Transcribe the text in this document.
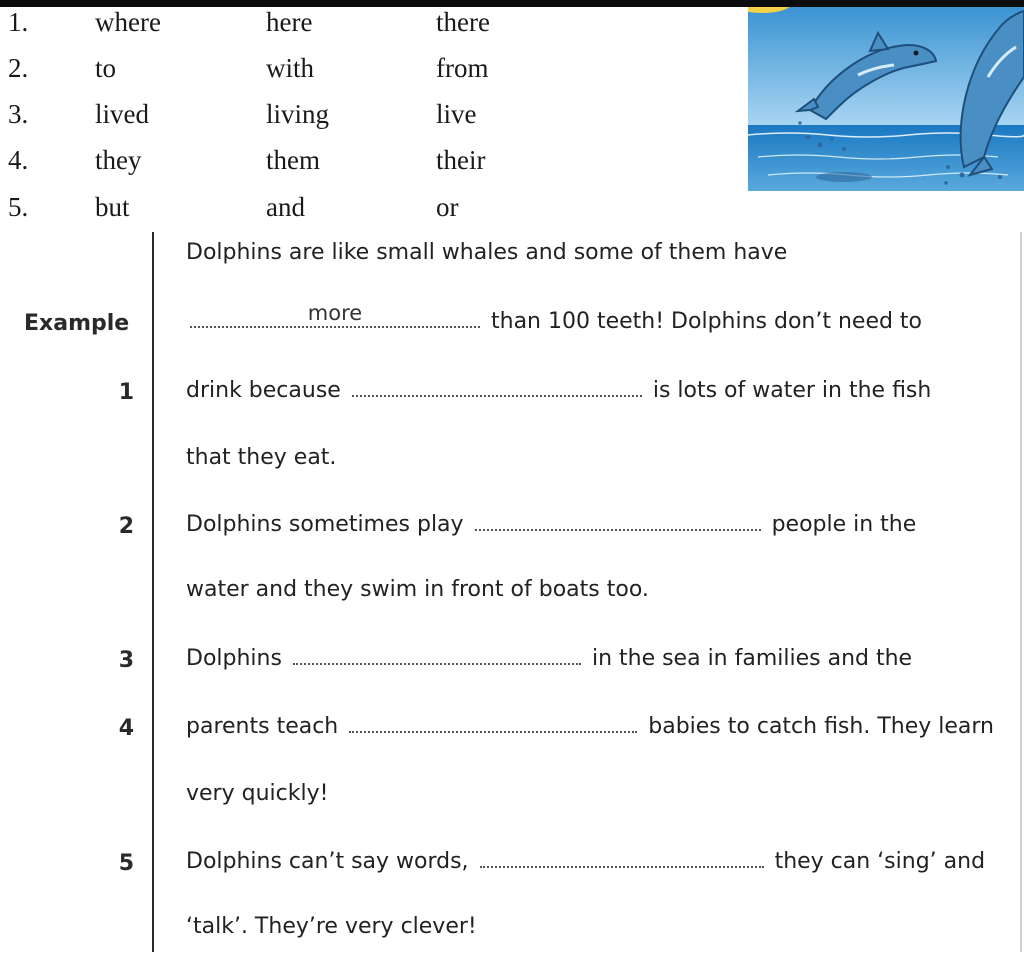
1. where	here	there
2. to	with	from
3. lived	living	live
4. they	them	their
5. but	and	or
Dolphins are like small whales and some of them have
Example	more	than 100 teeth! Dolphins don’t need to
1 drink because	is lots of water in the fish
that they eat.
2 Dolphins sometimes play	people in the
water and they swim in front of boats too.
3 Dolphins	in the sea in families and the
4 parents teach	babies to catch fish. They learn
very quickly!
5 Dolphins can’t say words,	they can ‘sing’ and
‘talk’. They’re very clever!
